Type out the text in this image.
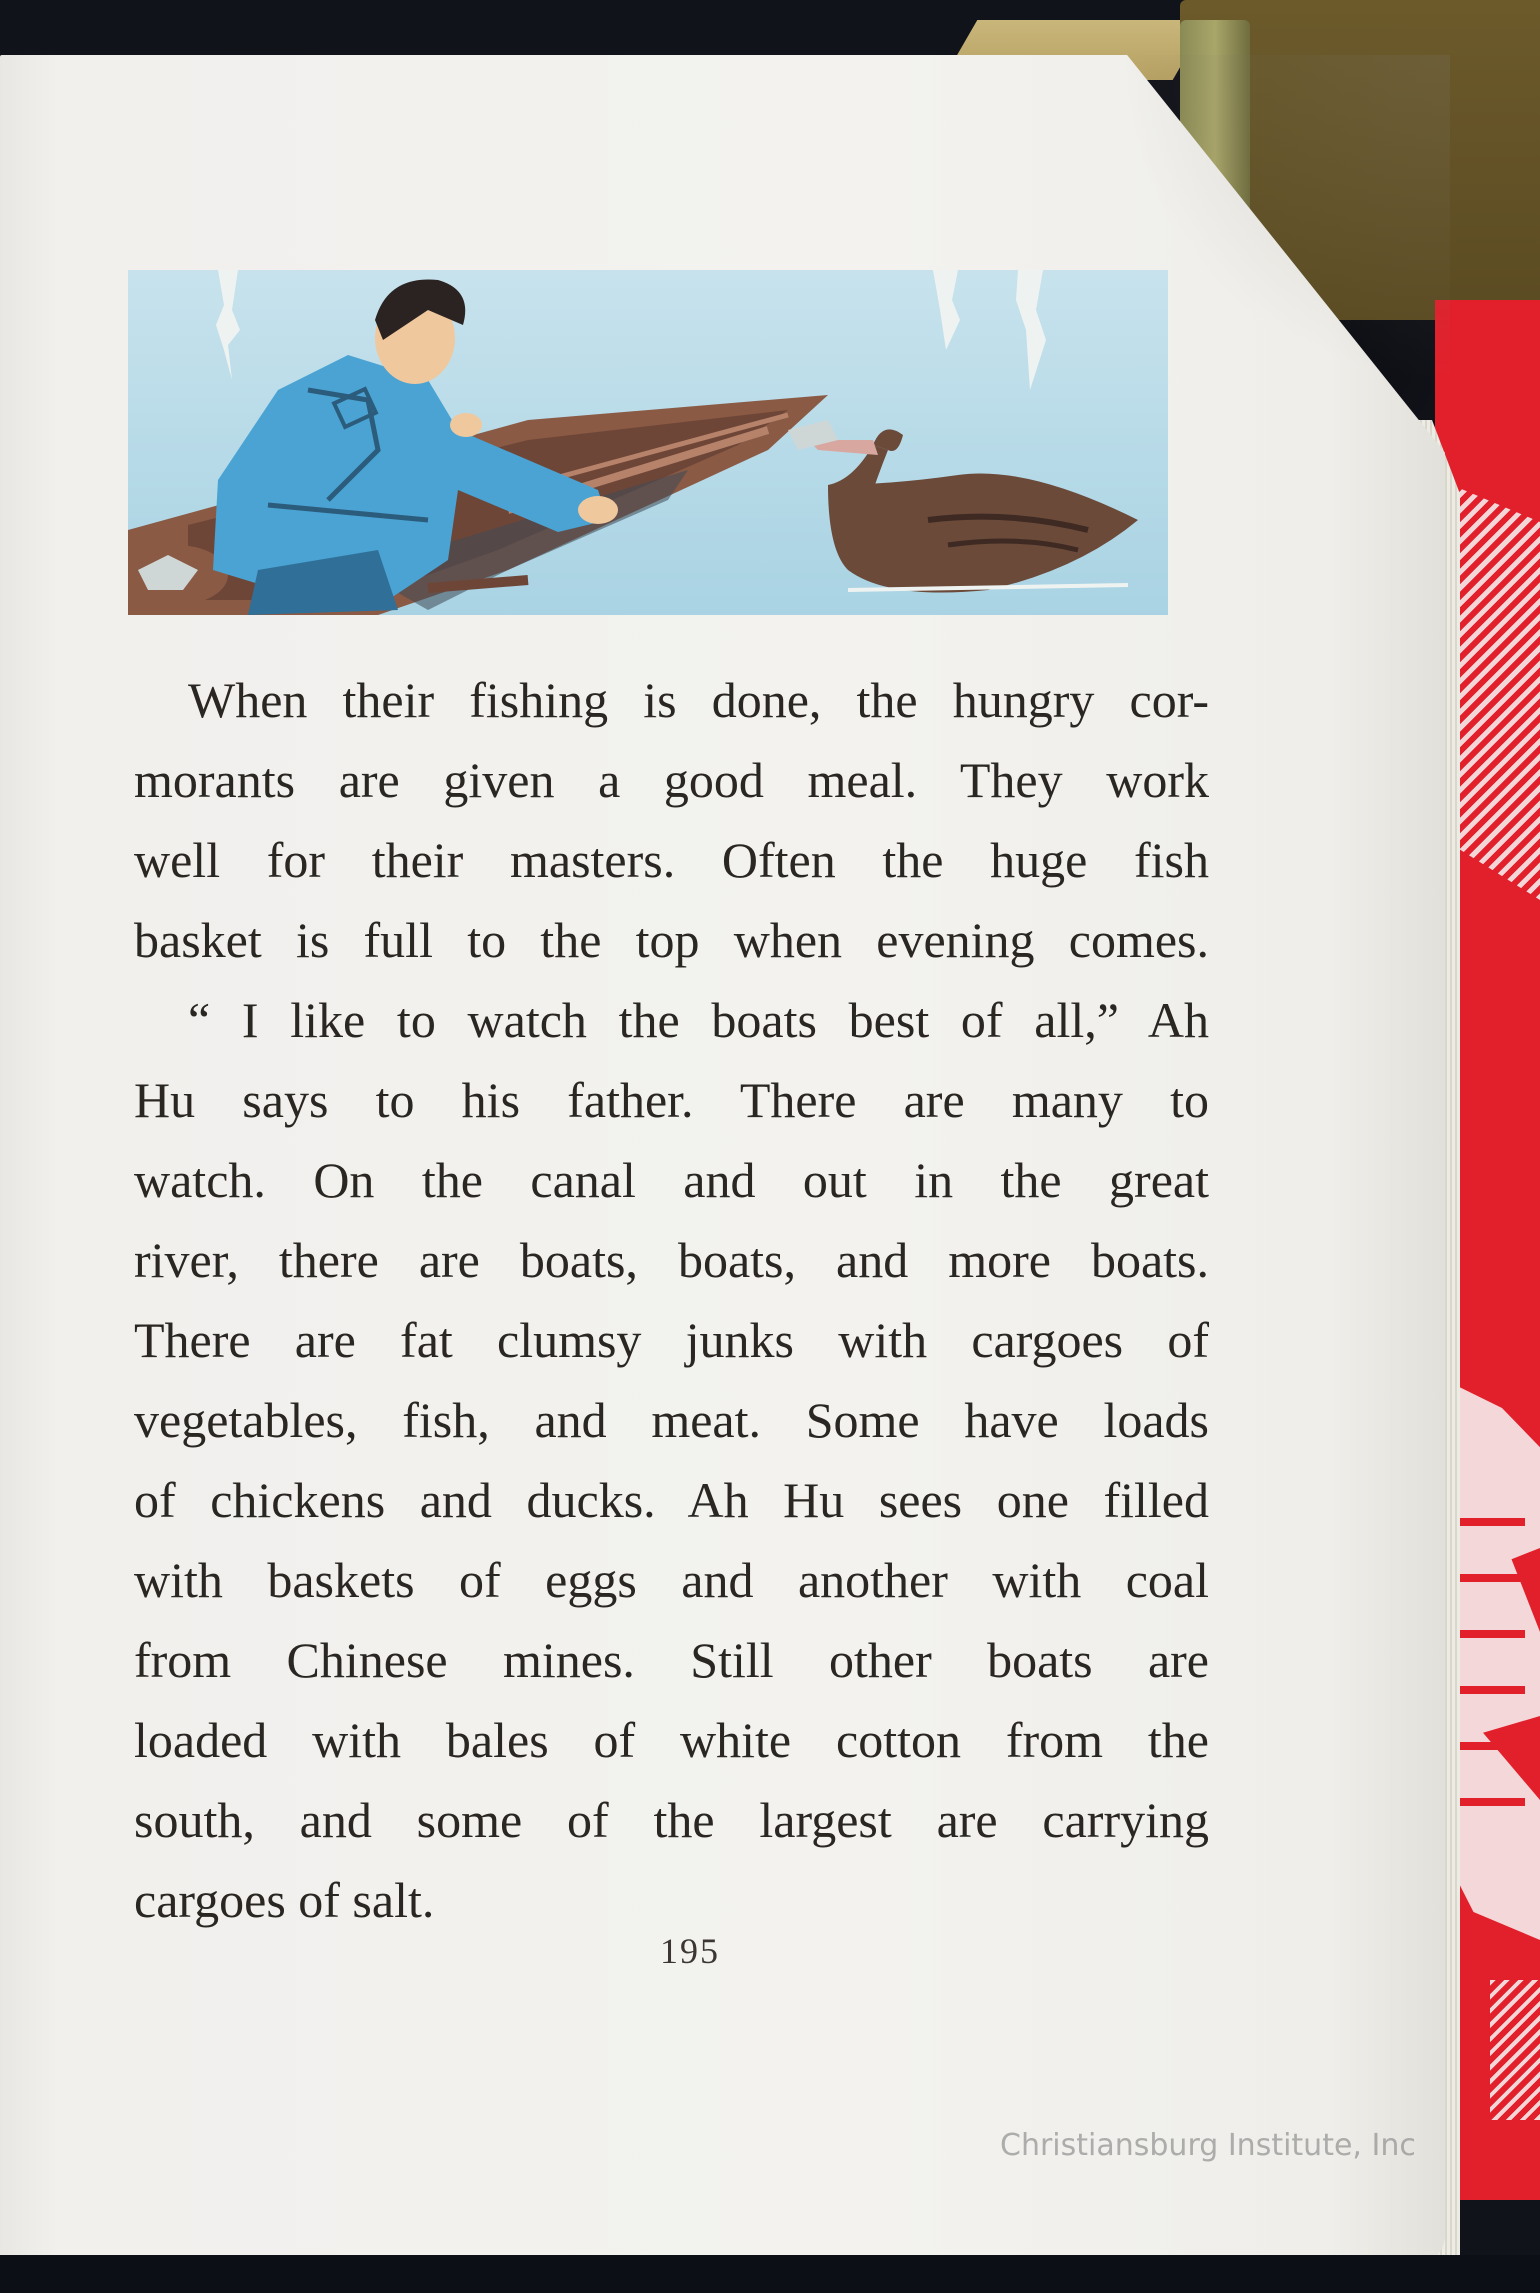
When their fishing is done, the hungry cor-
morants are given a good meal. They work
well for their masters. Often the huge fish
basket is full to the top when evening comes.
“ I like to watch the boats best of all,” Ah
Hu says to his father. There are many to
watch. On the canal and out in the great
river, there are boats, boats, and more boats.
There are fat clumsy junks with cargoes of
vegetables, fish, and meat. Some have loads
of chickens and ducks. Ah Hu sees one filled
with baskets of eggs and another with coal
from Chinese mines. Still other boats are
loaded with bales of white cotton from the
south, and some of the largest are carrying
cargoes of salt.
195
Christiansburg Institute, Inc
